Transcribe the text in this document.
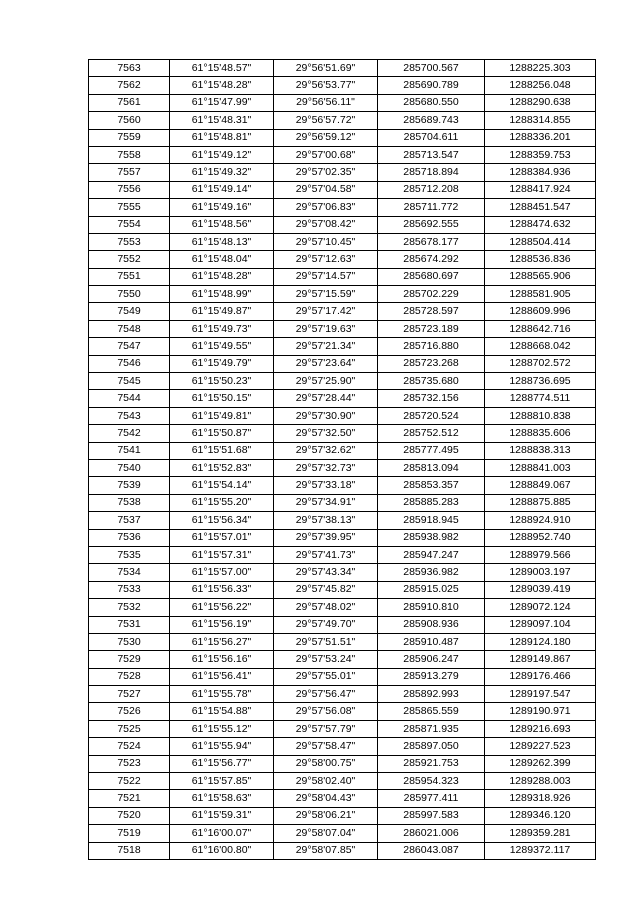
7563	61°15'48.57"	29°56'51.69"	285700.567	1288225.303
7562	61°15'48.28"	29°56'53.77"	285690.789	1288256.048
7561	61°15'47.99"	29°56'56.11"	285680.550	1288290.638
7560	61°15'48.31"	29°56'57.72"	285689.743	1288314.855
7559	61°15'48.81"	29°56'59.12"	285704.611	1288336.201
7558	61°15'49.12"	29°57'00.68"	285713.547	1288359.753
7557	61°15'49.32"	29°57'02.35"	285718.894	1288384.936
7556	61°15'49.14"	29°57'04.58"	285712.208	1288417.924
7555	61°15'49.16"	29°57'06.83"	285711.772	1288451.547
7554	61°15'48.56"	29°57'08.42"	285692.555	1288474.632
7553	61°15'48.13"	29°57'10.45"	285678.177	1288504.414
7552	61°15'48.04"	29°57'12.63"	285674.292	1288536.836
7551	61°15'48.28"	29°57'14.57"	285680.697	1288565.906
7550	61°15'48.99"	29°57'15.59"	285702.229	1288581.905
7549	61°15'49.87"	29°57'17.42"	285728.597	1288609.996
7548	61°15'49.73"	29°57'19.63"	285723.189	1288642.716
7547	61°15'49.55"	29°57'21.34"	285716.880	1288668.042
7546	61°15'49.79"	29°57'23.64"	285723.268	1288702.572
7545	61°15'50.23"	29°57'25.90"	285735.680	1288736.695
7544	61°15'50.15"	29°57'28.44"	285732.156	1288774.511
7543	61°15'49.81"	29°57'30.90"	285720.524	1288810.838
7542	61°15'50.87"	29°57'32.50"	285752.512	1288835.606
7541	61°15'51.68"	29°57'32.62"	285777.495	1288838.313
7540	61°15'52.83"	29°57'32.73"	285813.094	1288841.003
7539	61°15'54.14"	29°57'33.18"	285853.357	1288849.067
7538	61°15'55.20"	29°57'34.91"	285885.283	1288875.885
7537	61°15'56.34"	29°57'38.13"	285918.945	1288924.910
7536	61°15'57.01"	29°57'39.95"	285938.982	1288952.740
7535	61°15'57.31"	29°57'41.73"	285947.247	1288979.566
7534	61°15'57.00"	29°57'43.34"	285936.982	1289003.197
7533	61°15'56.33"	29°57'45.82"	285915.025	1289039.419
7532	61°15'56.22"	29°57'48.02"	285910.810	1289072.124
7531	61°15'56.19"	29°57'49.70"	285908.936	1289097.104
7530	61°15'56.27"	29°57'51.51"	285910.487	1289124.180
7529	61°15'56.16"	29°57'53.24"	285906.247	1289149.867
7528	61°15'56.41"	29°57'55.01"	285913.279	1289176.466
7527	61°15'55.78"	29°57'56.47"	285892.993	1289197.547
7526	61°15'54.88"	29°57'56.08"	285865.559	1289190.971
7525	61°15'55.12"	29°57'57.79"	285871.935	1289216.693
7524	61°15'55.94"	29°57'58.47"	285897.050	1289227.523
7523	61°15'56.77"	29°58'00.75"	285921.753	1289262.399
7522	61°15'57.85"	29°58'02.40"	285954.323	1289288.003
7521	61°15'58.63"	29°58'04.43"	285977.411	1289318.926
7520	61°15'59.31"	29°58'06.21"	285997.583	1289346.120
7519	61°16'00.07"	29°58'07.04"	286021.006	1289359.281
7518	61°16'00.80"	29°58'07.85"	286043.087	1289372.117
